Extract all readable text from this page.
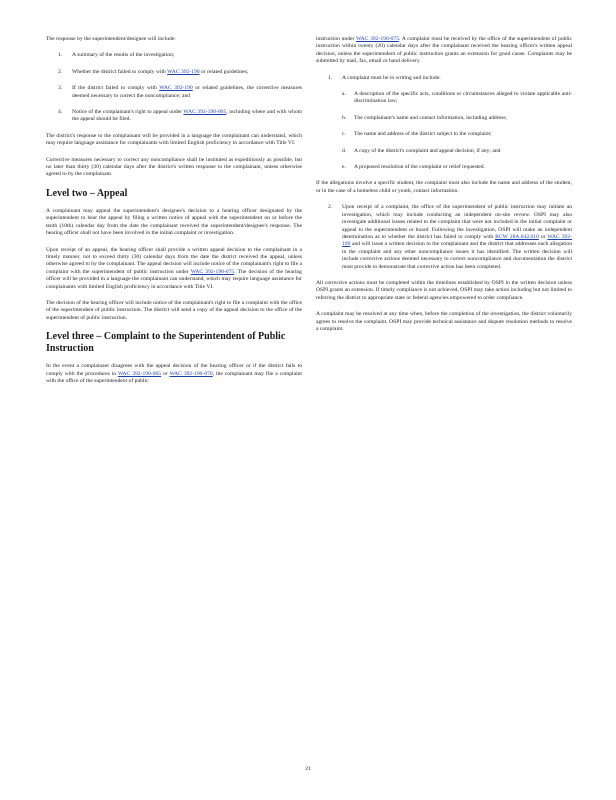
The response by the superintendent/designee will include:

1.	A summary of the results of the investigation;
2.	Whether the district failed to comply with WAC 392-190 or related guidelines;
3.	If the district failed to comply with WAC 392-190 or related guidelines, the corrective measures deemed necessary to correct the noncompliance; and
4.	Notice of the complainant's right to appeal under WAC 392-190-005, including where and with whom the appeal should be filed.

The district's response to the complainant will be provided in a language the complainant can understand, which may require language assistance for complainants with limited English proficiency in accordance with Title VI.

Corrective measures necessary to correct any noncompliance shall be instituted as expeditiously as possible, but no later than thirty (30) calendar days after the district's written response to the complainant, unless otherwise agreed to by the complainant.

Level two – Appeal

A complainant may appeal the superintendent's designee's decision to a hearing officer designated by the superintendent to hear the appeal by filing a written notice of appeal with the superintendent on or before the tenth (10th) calendar day from the date the complainant received the superintendent/designee's response. The hearing officer shall not have been involved in the initial complaint or investigation.

Upon receipt of an appeal, the hearing officer shall provide a written appeal decision to the complainant in a timely manner, not to exceed thirty (30) calendar days from the date the district received the appeal, unless otherwise agreed to by the complainant. The appeal decision will include notice of the complainant's right to file a complaint with the superintendent of public instruction under WAC 392-190-075. The decision of the hearing officer will be provided in a language the complainant can understand, which may require language assistance for complainants with limited English proficiency in accordance with Title VI.

The decision of the hearing officer will include notice of the complainant's right to file a complaint with the office of the superintendent of public instruction. The district will send a copy of the appeal decision to the office of the superintendent of public instruction.

Level three – Complaint to the Superintendent of Public Instruction

In the event a complainant disagrees with the appeal decision of the hearing officer or if the district fails to comply with the procedures in WAC 392-190-065 or WAC 392-190-070, the complainant may file a complaint with the office of the superintendent of public

instruction under WAC 392-190-075. A complaint must be received by the office of the superintendent of public instruction within twenty (20) calendar days after the complainant received the hearing officer's written appeal decision, unless the superintendent of public instruction grants an extension for good cause. Complaints may be submitted by mail, fax, email or hand delivery.

1.	A complaint must be in writing and include:
a.	A description of the specific acts, conditions or circumstances alleged to violate applicable anti-discrimination law;
b.	The complainant's name and contact information, including address;
c.	The name and address of the district subject to the complaint;
d.	A copy of the district's complaint and appeal decision, if any; and
e.	A proposed resolution of the complaint or relief requested.

If the allegations involve a specific student, the complaint must also include the name and address of the student, or in the case of a homeless child or youth, contact information.

2.	Upon receipt of a complaint, the office of the superintendent of public instruction may initiate an investigation, which may include conducting an independent on-site review. OSPI may also investigate additional issues related to the complaint that were not included in the initial complaint or appeal to the superintendent or board. Following the investigation, OSPI will make an independent determination as to whether the district has failed to comply with RCW 28A.642.010 or WAC 392-190 and will issue a written decision to the complainant and the district that addresses each allegation in the complaint and any other noncompliance issues it has identified. The written decision will include corrective actions deemed necessary to correct noncompliance and documentation the district must provide to demonstrate that corrective action has been completed.

All corrective actions must be completed within the timelines established by OSPI in the written decision unless OSPI grants an extension. If timely compliance is not achieved, OSPI may take action including but not limited to referring the district to appropriate state or federal agencies empowered to order compliance.

A complaint may be resolved at any time when, before the completion of the investigation, the district voluntarily agrees to resolve the complaint. OSPI may provide technical assistance and dispute resolution methods to resolve a complaint.

21
